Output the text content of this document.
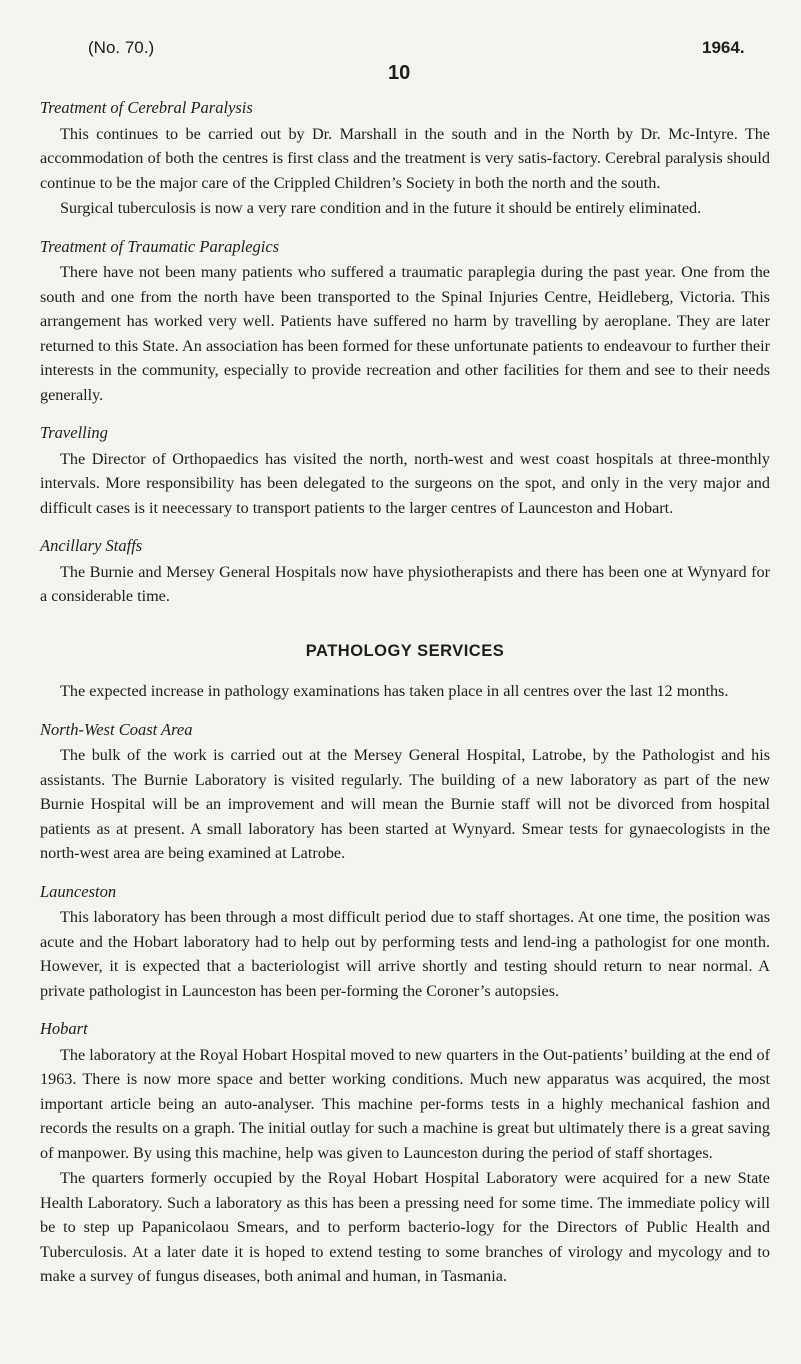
(No. 70.)	1964.
10
Treatment of Cerebral Paralysis

This continues to be carried out by Dr. Marshall in the south and in the North by Dr. Mc-Intyre. The accommodation of both the centres is first class and the treatment is very satis-factory. Cerebral paralysis should continue to be the major care of the Crippled Children’s Society in both the north and the south.

Surgical tuberculosis is now a very rare condition and in the future it should be entirely eliminated.

Treatment of Traumatic Paraplegics

There have not been many patients who suffered a traumatic paraplegia during the past year. One from the south and one from the north have been transported to the Spinal Injuries Centre, Heidleberg, Victoria. This arrangement has worked very well. Patients have suffered no harm by travelling by aeroplane. They are later returned to this State. An association has been formed for these unfortunate patients to endeavour to further their interests in the community, especially to provide recreation and other facilities for them and see to their needs generally.

Travelling

The Director of Orthopaedics has visited the north, north-west and west coast hospitals at three-monthly intervals. More responsibility has been delegated to the surgeons on the spot, and only in the very major and difficult cases is it neecessary to transport patients to the larger centres of Launceston and Hobart.

Ancillary Staffs

The Burnie and Mersey General Hospitals now have physiotherapists and there has been one at Wynyard for a considerable time.

PATHOLOGY SERVICES

The expected increase in pathology examinations has taken place in all centres over the last 12 months.

North-West Coast Area

The bulk of the work is carried out at the Mersey General Hospital, Latrobe, by the Pathologist and his assistants. The Burnie Laboratory is visited regularly. The building of a new laboratory as part of the new Burnie Hospital will be an improvement and will mean the Burnie staff will not be divorced from hospital patients as at present. A small laboratory has been started at Wynyard. Smear tests for gynaecologists in the north-west area are being examined at Latrobe.

Launceston

This laboratory has been through a most difficult period due to staff shortages. At one time, the position was acute and the Hobart laboratory had to help out by performing tests and lend-ing a pathologist for one month. However, it is expected that a bacteriologist will arrive shortly and testing should return to near normal. A private pathologist in Launceston has been per-forming the Coroner’s autopsies.

Hobart

The laboratory at the Royal Hobart Hospital moved to new quarters in the Out-patients’ building at the end of 1963. There is now more space and better working conditions. Much new apparatus was acquired, the most important article being an auto-analyser. This machine per-forms tests in a highly mechanical fashion and records the results on a graph. The initial outlay for such a machine is great but ultimately there is a great saving of manpower. By using this machine, help was given to Launceston during the period of staff shortages.

The quarters formerly occupied by the Royal Hobart Hospital Laboratory were acquired for a new State Health Laboratory. Such a laboratory as this has been a pressing need for some time. The immediate policy will be to step up Papanicolaou Smears, and to perform bacterio-logy for the Directors of Public Health and Tuberculosis. At a later date it is hoped to extend testing to some branches of virology and mycology and to make a survey of fungus diseases, both animal and human, in Tasmania.
